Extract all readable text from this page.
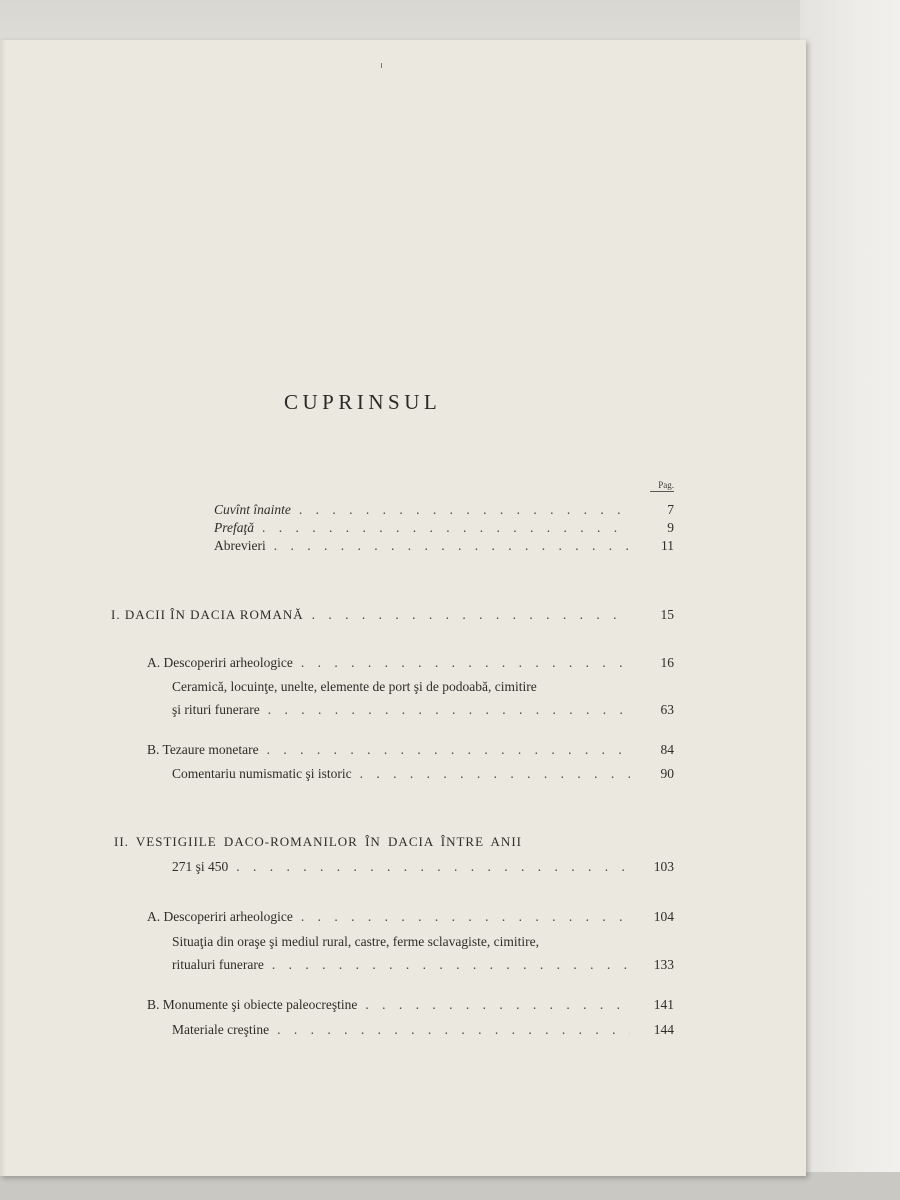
CUPRINSUL
Pag.
Cuvînt înainte . . .	7
Prefaţă . . .	9
Abrevieri . . .	11
I. DACII ÎN DACIA ROMANĂ . . .	15
A. Descoperiri arheologice . . .	16
Ceramică, locuinţe, unelte, elemente de port şi de podoabă, cimitire
şi rituri funerare . . .	63
B. Tezaure monetare . . .	84
Comentariu numismatic şi istoric . . .	90
II. VESTIGIILE DACO-ROMANILOR ÎN DACIA ÎNTRE ANII
271 şi 450 . . .	103
A. Descoperiri arheologice . . .	104
Situaţia din oraşe şi mediul rural, castre, ferme sclavagiste, cimitire,
ritualuri funerare . . .	133
B. Monumente şi obiecte paleocreştine . . .	141
Materiale creştine . . .	144
